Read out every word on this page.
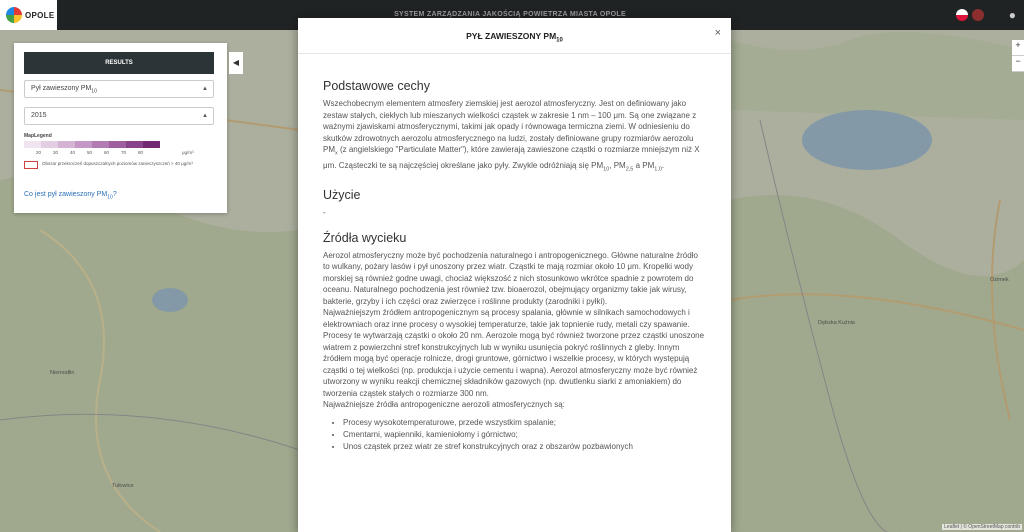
Niemodlin
Tułowice
Dębska Kuźnia
Ozimek
OPOLE	SYSTEM ZARZĄDZANIA JAKOŚCIĄ POWIETRZA MIASTA OPOLE	●
RESULTS
Pył zawieszony $PM_{10}$	▲︎

2015	▲︎
MapLegend
20	30	40	50	60	70	80	μg/m³
Obszar przekroczeń dopuszczalnych poziomów zanieczyszczeń > 40 μg/m³
Co jest pył zawieszony $PM_{10}$?
◀︎
+
−
Leaflet | © OpenStreetMap contrib
PYŁ ZAWIESZONY $PM_{10}$
×
Podstawowe cechy

Wszechobecnym elementem atmosfery ziemskiej jest aerozol atmosferyczny. Jest on definiowany jako zestaw stałych, ciekłych lub mieszanych wielkości cząstek w zakresie 1 nm – 100 μm. Są one związane z ważnymi zjawiskami atmosferycznymi, takimi jak opady i równowaga termiczna ziemi. W odniesieniu do skutków zdrowotnych aerozolu atmosferycznego na ludzi, zostały definiowane grupy rozmiarów aerozolu $PM_x$ (z angielskiego "Particulate Matter"), które zawierają zawieszone cząstki o rozmiarze mniejszym niż X μm. Cząsteczki te są najczęściej określane jako pyły. Zwykle odróżniają się $PM_{10}$, $PM_{2,5}$ a $PM_{1,0}$.

Użycie

-

Źródła wycieku

Aerozol atmosferyczny może być pochodzenia naturalnego i antropogenicznego. Główne naturalne źródło to wulkany, pożary lasów i pył unoszony przez wiatr. Cząstki te mają rozmiar około 10 μm. Kropelki wody morskiej są również godne uwagi, chociaż większość z nich stosunkowo wkrótce spadnie z powrotem do oceanu. Naturalnego pochodzenia jest również tzw. bioaerozol, obejmujący organizmy takie jak wirusy, bakterie, grzyby i ich części oraz zwierzęce i roślinne produkty (zarodniki i pyłki).

Najważniejszym źródłem antropogenicznym są procesy spalania, głównie w silnikach samochodowych i elektrowniach oraz inne procesy o wysokiej temperaturze, takie jak topnienie rudy, metali czy spawanie. Procesy te wytwarzają cząstki o około 20 nm. Aerozole mogą być również tworzone przez cząstki unoszone wiatrem z powierzchni stref konstrukcyjnych lub w wyniku usunięcia pokryć roślinnych z gleby. Innym źródłem mogą być operacje rolnicze, drogi gruntowe, górnictwo i wszelkie procesy, w których występują cząstki o tej wielkości (np. produkcja i użycie cementu i wapna). Aerozol atmosferyczny może być również utworzony w wyniku reakcji chemicznej składników gazowych (np. dwutlenku siarki z amoniakiem) do tworzenia cząstek stałych o rozmiarze 300 nm.

Najważniejsze źródła antropogeniczne aerozoli atmosferycznych są:

• Procesy wysokotemperaturowe, przede wszystkim spalanie;
• Cmentarni, wapienniki, kamieniołomy i górnictwo;
• Unos cząstek przez wiatr ze stref konstrukcyjnych oraz z obszarów pozbawionych
